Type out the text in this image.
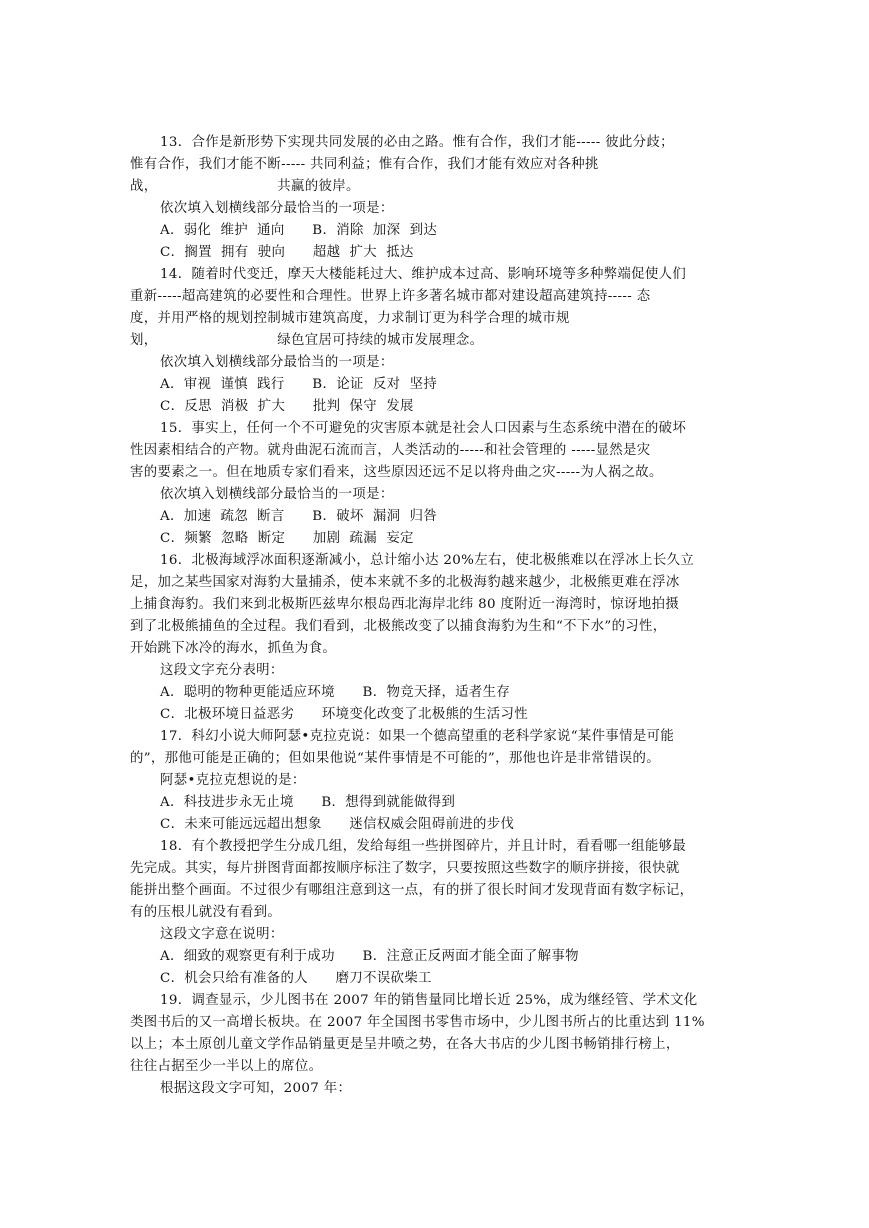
13．合作是新形势下实现共同发展的必由之路。惟有合作，我们才能----- 彼此分歧；
惟有合作，我们才能不断----- 共同利益；惟有合作，我们才能有效应对各种挑
战，                          共赢的彼岸。
依次填入划横线部分最恰当的一项是：
A．弱化  维护  通向      B．消除  加深  到达
C．搁置  拥有  驶向      超越  扩大  抵达
14．随着时代变迁，摩天大楼能耗过大、维护成本过高、影响环境等多种弊端促使人们
重新-----超高建筑的必要性和合理性。世界上许多著名城市都对建设超高建筑持----- 态
度，并用严格的规划控制城市建筑高度，力求制订更为科学合理的城市规
划，                          绿色宜居可持续的城市发展理念。
依次填入划横线部分最恰当的一项是：
A．审视  谨慎  践行      B．论证  反对  坚持
C．反思  消极  扩大      批判  保守  发展
15．事实上，任何一个不可避免的灾害原本就是社会人口因素与生态系统中潜在的破坏
性因素相结合的产物。就舟曲泥石流而言，人类活动的-----和社会管理的 -----显然是灾
害的要素之一。但在地质专家们看来，这些原因还远不足以将舟曲之灾-----为人祸之故。
依次填入划横线部分最恰当的一项是：
A．加速  疏忽  断言      B．破坏  漏洞  归咎
C．频繁  忽略  断定      加剧  疏漏  妄定
16．北极海域浮冰面积逐渐减小，总计缩小达 20%左右，使北极熊难以在浮冰上长久立
足，加之某些国家对海豹大量捕杀，使本来就不多的北极海豹越来越少，北极熊更难在浮冰
上捕食海豹。我们来到北极斯匹兹卑尔根岛西北海岸北纬 80 度附近一海湾时，惊讶地拍摄
到了北极熊捕鱼的全过程。我们看到，北极熊改变了以捕食海豹为生和“不下水”的习性，
开始跳下冰冷的海水，抓鱼为食。
这段文字充分表明：
A．聪明的物种更能适应环境      B．物竞天择，适者生存
C．北极环境日益恶劣      环境变化改变了北极熊的生活习性
17．科幻小说大师阿瑟•克拉克说：如果一个德高望重的老科学家说“某件事情是可能
的”，那他可能是正确的；但如果他说“某件事情是不可能的”，那他也许是非常错误的。
阿瑟•克拉克想说的是：
A．科技进步永无止境      B．想得到就能做得到
C．未来可能远远超出想象      迷信权威会阻碍前进的步伐
18．有个教授把学生分成几组，发给每组一些拼图碎片，并且计时，看看哪一组能够最
先完成。其实，每片拼图背面都按顺序标注了数字，只要按照这些数字的顺序拼接，很快就
能拼出整个画面。不过很少有哪组注意到这一点，有的拼了很长时间才发现背面有数字标记，
有的压根儿就没有看到。
这段文字意在说明：
A．细致的观察更有利于成功      B．注意正反两面才能全面了解事物
C．机会只给有准备的人      磨刀不误砍柴工
19．调查显示，少儿图书在 2007 年的销售量同比增长近 25%，成为继经管、学术文化
类图书后的又一高增长板块。在 2007 年全国图书零售市场中，少儿图书所占的比重达到 11%
以上；本土原创儿童文学作品销量更是呈井喷之势，在各大书店的少儿图书畅销排行榜上，
往往占据至少一半以上的席位。
根据这段文字可知，2007 年：
